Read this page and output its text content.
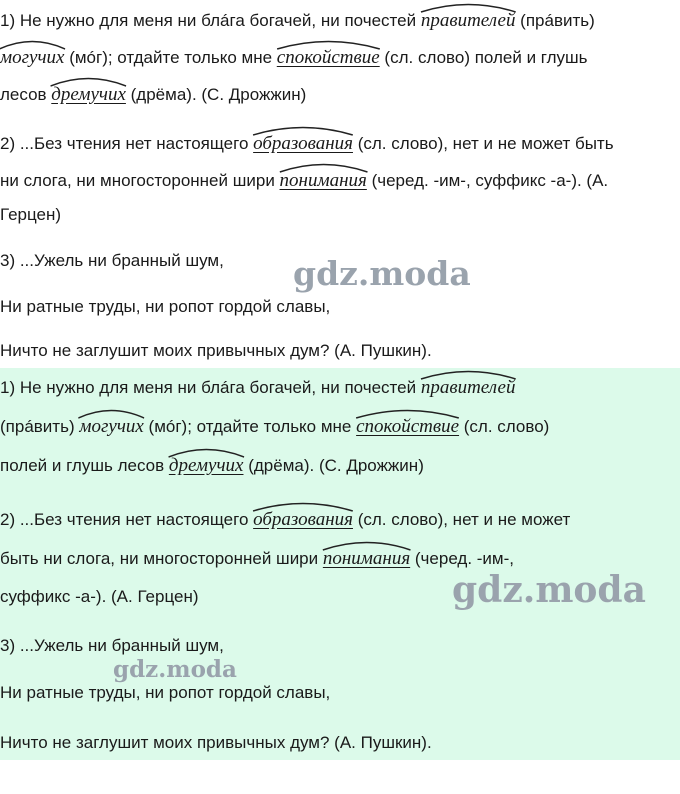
1) Не нужно для меня ни блáга богачей, ни почестей
правителей (прáвить)
могучих (мóг); отдайте только мне
спокойствие (сл. слово) полей и глушь
лесов
дремучих (дрёма). (С. Дрожжин)
2) ...Без чтения нет настоящего
образования (сл. слово), нет и не может быть
ни слога, ни многосторонней шири
понимания (черед. -им-, суффикс -а-). (А.
Герцен)
3) ...Ужель ни бранный шум,
Ни ратные труды, ни ропот гордой славы,
Ничто не заглушит моих привычных дум? (А. Пушкин).
1) Не нужно для меня ни блáга богачей, ни почестей
правителей
(прáвить)
могучих (мóг); отдайте только мне
спокойствие (сл. слово)
полей и глушь лесов
дремучих (дрёма). (С. Дрожжин)
2) ...Без чтения нет настоящего
образования (сл. слово), нет и не может
быть ни слога, ни многосторонней шири
понимания (черед. -им-,
суффикс -а-). (А. Герцен)
3) ...Ужель ни бранный шум,
Ни ратные труды, ни ропот гордой славы,
Ничто не заглушит моих привычных дум? (А. Пушкин).
gdz.moda
gdz.moda
gdz.moda
